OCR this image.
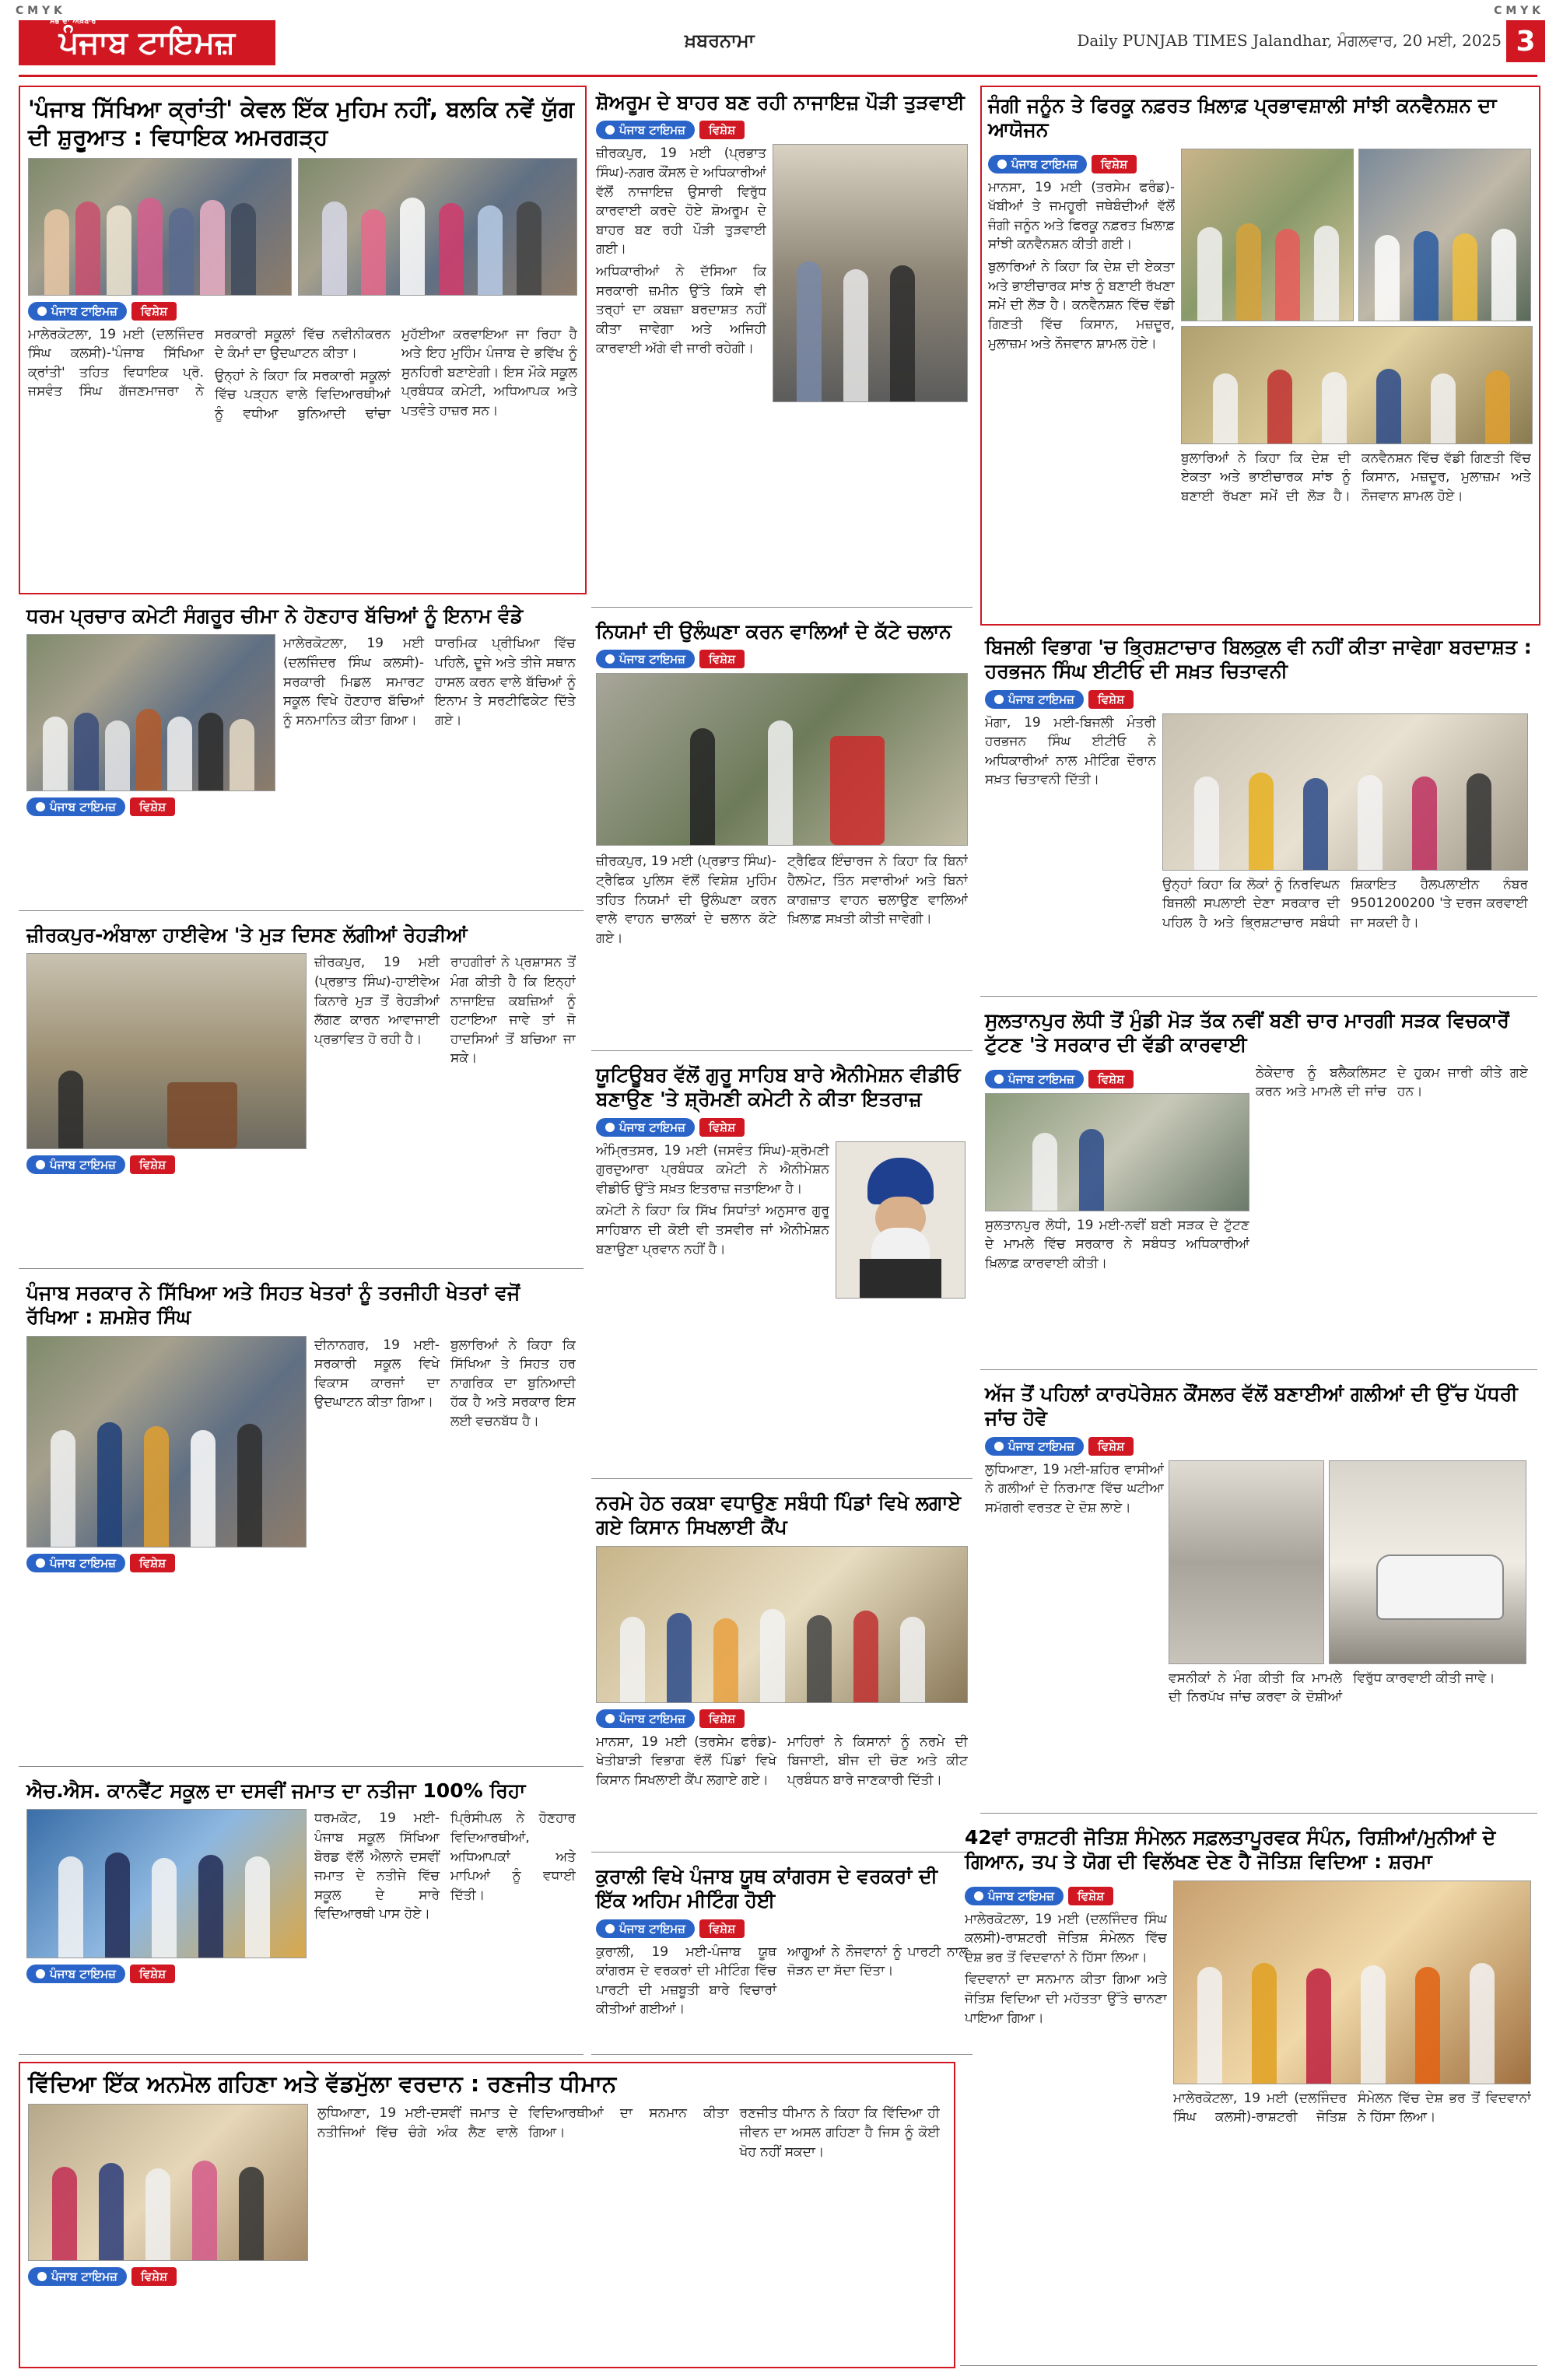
C M Y K	C M Y K
ਸਭ ਦਾ ਅਖ਼ਬਾਰ
ਪੰਜਾਬ ਟਾਇਮਜ਼	ਖ਼ਬਰਨਾਮਾ	Daily PUNJAB TIMES Jalandhar, ਮੰਗਲਵਾਰ, 20 ਮਈ, 2025 3
'ਪੰਜਾਬ ਸਿੱਖਿਆ ਕ੍ਰਾਂਤੀ' ਕੇਵਲ ਇੱਕ ਮੁਹਿਮ ਨਹੀਂ, ਬਲਕਿ ਨਵੇਂ ਯੁੱਗ ਦੀ ਸ਼ੁਰੂਆਤ : ਵਿਧਾਇਕ ਅਮਰਗੜ੍ਹ
ਪੰਜਾਬ ਟਾਇਮਜ਼	ਵਿਸ਼ੇਸ਼

ਮਾਲੇਰਕੋਟਲਾ, 19 ਮਈ (ਦਲਜਿੰਦਰ ਸਿੰਘ ਕਲਸੀ)-'ਪੰਜਾਬ ਸਿੱਖਿਆ ਕ੍ਰਾਂਤੀ' ਤਹਿਤ ਵਿਧਾਇਕ ਪ੍ਰੋ. ਜਸਵੰਤ ਸਿੰਘ ਗੱਜਣਮਾਜਰਾ ਨੇ ਸਰਕਾਰੀ ਸਕੂਲਾਂ ਵਿੱਚ ਨਵੀਨੀਕਰਨ ਦੇ ਕੰਮਾਂ ਦਾ ਉਦਘਾਟਨ ਕੀਤਾ।

ਉਨ੍ਹਾਂ ਨੇ ਕਿਹਾ ਕਿ ਸਰਕਾਰੀ ਸਕੂਲਾਂ ਵਿੱਚ ਪੜ੍ਹਨ ਵਾਲੇ ਵਿਦਿਆਰਥੀਆਂ ਨੂੰ ਵਧੀਆ ਬੁਨਿਆਦੀ ਢਾਂਚਾ ਮੁਹੱਈਆ ਕਰਵਾਇਆ ਜਾ ਰਿਹਾ ਹੈ ਅਤੇ ਇਹ ਮੁਹਿੰਮ ਪੰਜਾਬ ਦੇ ਭਵਿੱਖ ਨੂੰ ਸੁਨਹਿਰੀ ਬਣਾਏਗੀ। ਇਸ ਮੌਕੇ ਸਕੂਲ ਪ੍ਰਬੰਧਕ ਕਮੇਟੀ, ਅਧਿਆਪਕ ਅਤੇ ਪਤਵੰਤੇ ਹਾਜ਼ਰ ਸਨ।

ਧਰਮ ਪ੍ਰਚਾਰ ਕਮੇਟੀ ਸੰਗਰੂਰ ਚੀਮਾ ਨੇ ਹੋਣਹਾਰ ਬੱਚਿਆਂ ਨੂੰ ਇਨਾਮ ਵੰਡੇ
ਪੰਜਾਬ ਟਾਇਮਜ਼	ਵਿਸ਼ੇਸ਼

ਮਾਲੇਰਕੋਟਲਾ, 19 ਮਈ (ਦਲਜਿੰਦਰ ਸਿੰਘ ਕਲਸੀ)-ਸਰਕਾਰੀ ਮਿਡਲ ਸਮਾਰਟ ਸਕੂਲ ਵਿਖੇ ਹੋਣਹਾਰ ਬੱਚਿਆਂ ਨੂੰ ਸਨਮਾਨਿਤ ਕੀਤਾ ਗਿਆ।

ਧਾਰਮਿਕ ਪ੍ਰੀਖਿਆ ਵਿੱਚ ਪਹਿਲੇ, ਦੂਜੇ ਅਤੇ ਤੀਜੇ ਸਥਾਨ ਹਾਸਲ ਕਰਨ ਵਾਲੇ ਬੱਚਿਆਂ ਨੂੰ ਇਨਾਮ ਤੇ ਸਰਟੀਫਿਕੇਟ ਦਿੱਤੇ ਗਏ।

ਜ਼ੀਰਕਪੁਰ-ਅੰਬਾਲਾ ਹਾਈਵੇਅ 'ਤੇ ਮੁੜ ਦਿਸਣ ਲੱਗੀਆਂ ਰੇਹੜੀਆਂ
ਪੰਜਾਬ ਟਾਇਮਜ਼	ਵਿਸ਼ੇਸ਼

ਜ਼ੀਰਕਪੁਰ, 19 ਮਈ (ਪ੍ਰਭਾਤ ਸਿੰਘ)-ਹਾਈਵੇਅ ਕਿਨਾਰੇ ਮੁੜ ਤੋਂ ਰੇਹੜੀਆਂ ਲੱਗਣ ਕਾਰਨ ਆਵਾਜਾਈ ਪ੍ਰਭਾਵਿਤ ਹੋ ਰਹੀ ਹੈ।

ਰਾਹਗੀਰਾਂ ਨੇ ਪ੍ਰਸ਼ਾਸਨ ਤੋਂ ਮੰਗ ਕੀਤੀ ਹੈ ਕਿ ਇਨ੍ਹਾਂ ਨਾਜਾਇਜ਼ ਕਬਜ਼ਿਆਂ ਨੂੰ ਹਟਾਇਆ ਜਾਵੇ ਤਾਂ ਜੋ ਹਾਦਸਿਆਂ ਤੋਂ ਬਚਿਆ ਜਾ ਸਕੇ।

ਪੰਜਾਬ ਸਰਕਾਰ ਨੇ ਸਿੱਖਿਆ ਅਤੇ ਸਿਹਤ ਖੇਤਰਾਂ ਨੂੰ ਤਰਜੀਹੀ ਖੇਤਰਾਂ ਵਜੋਂ ਰੱਖਿਆ : ਸ਼ਮਸ਼ੇਰ ਸਿੰਘ
ਪੰਜਾਬ ਟਾਇਮਜ਼	ਵਿਸ਼ੇਸ਼

ਦੀਨਾਨਗਰ, 19 ਮਈ-ਸਰਕਾਰੀ ਸਕੂਲ ਵਿਖੇ ਵਿਕਾਸ ਕਾਰਜਾਂ ਦਾ ਉਦਘਾਟਨ ਕੀਤਾ ਗਿਆ।

ਬੁਲਾਰਿਆਂ ਨੇ ਕਿਹਾ ਕਿ ਸਿੱਖਿਆ ਤੇ ਸਿਹਤ ਹਰ ਨਾਗਰਿਕ ਦਾ ਬੁਨਿਆਦੀ ਹੱਕ ਹੈ ਅਤੇ ਸਰਕਾਰ ਇਸ ਲਈ ਵਚਨਬੱਧ ਹੈ।

ਐਚ.ਐਸ. ਕਾਨਵੈਂਟ ਸਕੂਲ ਦਾ ਦਸਵੀਂ ਜਮਾਤ ਦਾ ਨਤੀਜਾ 100% ਰਿਹਾ
ਪੰਜਾਬ ਟਾਇਮਜ਼	ਵਿਸ਼ੇਸ਼

ਧਰਮਕੋਟ, 19 ਮਈ-ਪੰਜਾਬ ਸਕੂਲ ਸਿੱਖਿਆ ਬੋਰਡ ਵੱਲੋਂ ਐਲਾਨੇ ਦਸਵੀਂ ਜਮਾਤ ਦੇ ਨਤੀਜੇ ਵਿੱਚ ਸਕੂਲ ਦੇ ਸਾਰੇ ਵਿਦਿਆਰਥੀ ਪਾਸ ਹੋਏ।

ਪ੍ਰਿੰਸੀਪਲ ਨੇ ਹੋਣਹਾਰ ਵਿਦਿਆਰਥੀਆਂ, ਅਧਿਆਪਕਾਂ ਅਤੇ ਮਾਪਿਆਂ ਨੂੰ ਵਧਾਈ ਦਿੱਤੀ।

ਵਿੱਦਿਆ ਇੱਕ ਅਨਮੋਲ ਗਹਿਣਾ ਅਤੇ ਵੱਡਮੁੱਲਾ ਵਰਦਾਨ : ਰਣਜੀਤ ਧੀਮਾਨ
ਪੰਜਾਬ ਟਾਇਮਜ਼	ਵਿਸ਼ੇਸ਼

ਲੁਧਿਆਣਾ, 19 ਮਈ-ਦਸਵੀਂ ਜਮਾਤ ਦੇ ਨਤੀਜਿਆਂ ਵਿੱਚ ਚੰਗੇ ਅੰਕ ਲੈਣ ਵਾਲੇ ਵਿਦਿਆਰਥੀਆਂ ਦਾ ਸਨਮਾਨ ਕੀਤਾ ਗਿਆ।

ਰਣਜੀਤ ਧੀਮਾਨ ਨੇ ਕਿਹਾ ਕਿ ਵਿੱਦਿਆ ਹੀ ਜੀਵਨ ਦਾ ਅਸਲ ਗਹਿਣਾ ਹੈ ਜਿਸ ਨੂੰ ਕੋਈ ਖੋਹ ਨਹੀਂ ਸਕਦਾ।

ਸ਼ੋਅਰੂਮ ਦੇ ਬਾਹਰ ਬਣ ਰਹੀ ਨਾਜਾਇਜ਼ ਪੌੜੀ ਤੁੜਵਾਈ
ਪੰਜਾਬ ਟਾਇਮਜ਼	ਵਿਸ਼ੇਸ਼

ਜ਼ੀਰਕਪੁਰ, 19 ਮਈ (ਪ੍ਰਭਾਤ ਸਿੰਘ)-ਨਗਰ ਕੌਂਸਲ ਦੇ ਅਧਿਕਾਰੀਆਂ ਵੱਲੋਂ ਨਾਜਾਇਜ਼ ਉਸਾਰੀ ਵਿਰੁੱਧ ਕਾਰਵਾਈ ਕਰਦੇ ਹੋਏ ਸ਼ੋਅਰੂਮ ਦੇ ਬਾਹਰ ਬਣ ਰਹੀ ਪੌੜੀ ਤੁੜਵਾਈ ਗਈ।

ਅਧਿਕਾਰੀਆਂ ਨੇ ਦੱਸਿਆ ਕਿ ਸਰਕਾਰੀ ਜ਼ਮੀਨ ਉੱਤੇ ਕਿਸੇ ਵੀ ਤਰ੍ਹਾਂ ਦਾ ਕਬਜ਼ਾ ਬਰਦਾਸ਼ਤ ਨਹੀਂ ਕੀਤਾ ਜਾਵੇਗਾ ਅਤੇ ਅਜਿਹੀ ਕਾਰਵਾਈ ਅੱਗੇ ਵੀ ਜਾਰੀ ਰਹੇਗੀ।

ਨਿਯਮਾਂ ਦੀ ਉਲੰਘਣਾ ਕਰਨ ਵਾਲਿਆਂ ਦੇ ਕੱਟੇ ਚਲਾਨ
ਪੰਜਾਬ ਟਾਇਮਜ਼	ਵਿਸ਼ੇਸ਼

ਜ਼ੀਰਕਪੁਰ, 19 ਮਈ (ਪ੍ਰਭਾਤ ਸਿੰਘ)-ਟ੍ਰੈਫਿਕ ਪੁਲਿਸ ਵੱਲੋਂ ਵਿਸ਼ੇਸ਼ ਮੁਹਿੰਮ ਤਹਿਤ ਨਿਯਮਾਂ ਦੀ ਉਲੰਘਣਾ ਕਰਨ ਵਾਲੇ ਵਾਹਨ ਚਾਲਕਾਂ ਦੇ ਚਲਾਨ ਕੱਟੇ ਗਏ।

ਟ੍ਰੈਫਿਕ ਇੰਚਾਰਜ ਨੇ ਕਿਹਾ ਕਿ ਬਿਨਾਂ ਹੈਲਮੇਟ, ਤਿੰਨ ਸਵਾਰੀਆਂ ਅਤੇ ਬਿਨਾਂ ਕਾਗਜ਼ਾਤ ਵਾਹਨ ਚਲਾਉਣ ਵਾਲਿਆਂ ਖ਼ਿਲਾਫ਼ ਸਖ਼ਤੀ ਕੀਤੀ ਜਾਵੇਗੀ।

ਯੂਟਿਊਬਰ ਵੱਲੋਂ ਗੁਰੂ ਸਾਹਿਬ ਬਾਰੇ ਐਨੀਮੇਸ਼ਨ ਵੀਡੀਓ ਬਣਾਉਣ 'ਤੇ ਸ਼੍ਰੋਮਣੀ ਕਮੇਟੀ ਨੇ ਕੀਤਾ ਇਤਰਾਜ਼
ਪੰਜਾਬ ਟਾਇਮਜ਼	ਵਿਸ਼ੇਸ਼

ਅੰਮ੍ਰਿਤਸਰ, 19 ਮਈ (ਜਸਵੰਤ ਸਿੰਘ)-ਸ਼੍ਰੋਮਣੀ ਗੁਰਦੁਆਰਾ ਪ੍ਰਬੰਧਕ ਕਮੇਟੀ ਨੇ ਐਨੀਮੇਸ਼ਨ ਵੀਡੀਓ ਉੱਤੇ ਸਖ਼ਤ ਇਤਰਾਜ਼ ਜਤਾਇਆ ਹੈ।

ਕਮੇਟੀ ਨੇ ਕਿਹਾ ਕਿ ਸਿੱਖ ਸਿਧਾਂਤਾਂ ਅਨੁਸਾਰ ਗੁਰੂ ਸਾਹਿਬਾਨ ਦੀ ਕੋਈ ਵੀ ਤਸਵੀਰ ਜਾਂ ਐਨੀਮੇਸ਼ਨ ਬਣਾਉਣਾ ਪ੍ਰਵਾਨ ਨਹੀਂ ਹੈ।

ਨਰਮੇ ਹੇਠ ਰਕਬਾ ਵਧਾਉਣ ਸਬੰਧੀ ਪਿੰਡਾਂ ਵਿਖੇ ਲਗਾਏ ਗਏ ਕਿਸਾਨ ਸਿਖਲਾਈ ਕੈਂਪ
ਪੰਜਾਬ ਟਾਇਮਜ਼	ਵਿਸ਼ੇਸ਼

ਮਾਨਸਾ, 19 ਮਈ (ਤਰਸੇਮ ਫਰੰਡ)-ਖੇਤੀਬਾੜੀ ਵਿਭਾਗ ਵੱਲੋਂ ਪਿੰਡਾਂ ਵਿਖੇ ਕਿਸਾਨ ਸਿਖਲਾਈ ਕੈਂਪ ਲਗਾਏ ਗਏ।

ਮਾਹਿਰਾਂ ਨੇ ਕਿਸਾਨਾਂ ਨੂੰ ਨਰਮੇ ਦੀ ਬਿਜਾਈ, ਬੀਜ ਦੀ ਚੋਣ ਅਤੇ ਕੀਟ ਪ੍ਰਬੰਧਨ ਬਾਰੇ ਜਾਣਕਾਰੀ ਦਿੱਤੀ।

ਕੁਰਾਲੀ ਵਿਖੇ ਪੰਜਾਬ ਯੂਥ ਕਾਂਗਰਸ ਦੇ ਵਰਕਰਾਂ ਦੀ ਇੱਕ ਅਹਿਮ ਮੀਟਿੰਗ ਹੋਈ
ਪੰਜਾਬ ਟਾਇਮਜ਼	ਵਿਸ਼ੇਸ਼

ਕੁਰਾਲੀ, 19 ਮਈ-ਪੰਜਾਬ ਯੂਥ ਕਾਂਗਰਸ ਦੇ ਵਰਕਰਾਂ ਦੀ ਮੀਟਿੰਗ ਵਿੱਚ ਪਾਰਟੀ ਦੀ ਮਜ਼ਬੂਤੀ ਬਾਰੇ ਵਿਚਾਰਾਂ ਕੀਤੀਆਂ ਗਈਆਂ।

ਆਗੂਆਂ ਨੇ ਨੌਜਵਾਨਾਂ ਨੂੰ ਪਾਰਟੀ ਨਾਲ ਜੋੜਨ ਦਾ ਸੱਦਾ ਦਿੱਤਾ।

ਜੰਗੀ ਜਨੂੰਨ ਤੇ ਫਿਰਕੂ ਨਫ਼ਰਤ ਖ਼ਿਲਾਫ਼ ਪ੍ਰਭਾਵਸ਼ਾਲੀ ਸਾਂਝੀ ਕਨਵੈਨਸ਼ਨ ਦਾ ਆਯੋਜਨ
ਪੰਜਾਬ ਟਾਇਮਜ਼	ਵਿਸ਼ੇਸ਼

ਮਾਨਸਾ, 19 ਮਈ (ਤਰਸੇਮ ਫਰੰਡ)-ਖੱਬੀਆਂ ਤੇ ਜਮਹੂਰੀ ਜਥੇਬੰਦੀਆਂ ਵੱਲੋਂ ਜੰਗੀ ਜਨੂੰਨ ਅਤੇ ਫਿਰਕੂ ਨਫ਼ਰਤ ਖ਼ਿਲਾਫ਼ ਸਾਂਝੀ ਕਨਵੈਨਸ਼ਨ ਕੀਤੀ ਗਈ।

ਬੁਲਾਰਿਆਂ ਨੇ ਕਿਹਾ ਕਿ ਦੇਸ਼ ਦੀ ਏਕਤਾ ਅਤੇ ਭਾਈਚਾਰਕ ਸਾਂਝ ਨੂੰ ਬਣਾਈ ਰੱਖਣਾ ਸਮੇਂ ਦੀ ਲੋੜ ਹੈ। ਕਨਵੈਨਸ਼ਨ ਵਿੱਚ ਵੱਡੀ ਗਿਣਤੀ ਵਿੱਚ ਕਿਸਾਨ, ਮਜ਼ਦੂਰ, ਮੁਲਾਜ਼ਮ ਅਤੇ ਨੌਜਵਾਨ ਸ਼ਾਮਲ ਹੋਏ।

ਬੁਲਾਰਿਆਂ ਨੇ ਕਿਹਾ ਕਿ ਦੇਸ਼ ਦੀ ਏਕਤਾ ਅਤੇ ਭਾਈਚਾਰਕ ਸਾਂਝ ਨੂੰ ਬਣਾਈ ਰੱਖਣਾ ਸਮੇਂ ਦੀ ਲੋੜ ਹੈ। ਕਨਵੈਨਸ਼ਨ ਵਿੱਚ ਵੱਡੀ ਗਿਣਤੀ ਵਿੱਚ ਕਿਸਾਨ, ਮਜ਼ਦੂਰ, ਮੁਲਾਜ਼ਮ ਅਤੇ ਨੌਜਵਾਨ ਸ਼ਾਮਲ ਹੋਏ।

ਬਿਜਲੀ ਵਿਭਾਗ 'ਚ ਭ੍ਰਿਸ਼ਟਾਚਾਰ ਬਿਲਕੁਲ ਵੀ ਨਹੀਂ ਕੀਤਾ ਜਾਵੇਗਾ ਬਰਦਾਸ਼ਤ : ਹਰਭਜਨ ਸਿੰਘ ਈਟੀਓ ਦੀ ਸਖ਼ਤ ਚਿਤਾਵਨੀ
ਪੰਜਾਬ ਟਾਇਮਜ਼	ਵਿਸ਼ੇਸ਼

ਮੋਗਾ, 19 ਮਈ-ਬਿਜਲੀ ਮੰਤਰੀ ਹਰਭਜਨ ਸਿੰਘ ਈਟੀਓ ਨੇ ਅਧਿਕਾਰੀਆਂ ਨਾਲ ਮੀਟਿੰਗ ਦੌਰਾਨ ਸਖ਼ਤ ਚਿਤਾਵਨੀ ਦਿੱਤੀ।

ਉਨ੍ਹਾਂ ਕਿਹਾ ਕਿ ਲੋਕਾਂ ਨੂੰ ਨਿਰਵਿਘਨ ਬਿਜਲੀ ਸਪਲਾਈ ਦੇਣਾ ਸਰਕਾਰ ਦੀ ਪਹਿਲ ਹੈ ਅਤੇ ਭ੍ਰਿਸ਼ਟਾਚਾਰ ਸਬੰਧੀ ਸ਼ਿਕਾਇਤ ਹੈਲਪਲਾਈਨ ਨੰਬਰ 9501200200 'ਤੇ ਦਰਜ ਕਰਵਾਈ ਜਾ ਸਕਦੀ ਹੈ।

ਸੁਲਤਾਨਪੁਰ ਲੋਧੀ ਤੋਂ ਮੁੰਡੀ ਮੋੜ ਤੱਕ ਨਵੀਂ ਬਣੀ ਚਾਰ ਮਾਰਗੀ ਸੜਕ ਵਿਚਕਾਰੋਂ ਟੁੱਟਣ 'ਤੇ ਸਰਕਾਰ ਦੀ ਵੱਡੀ ਕਾਰਵਾਈ
ਪੰਜਾਬ ਟਾਇਮਜ਼	ਵਿਸ਼ੇਸ਼

ਸੁਲਤਾਨਪੁਰ ਲੋਧੀ, 19 ਮਈ-ਨਵੀਂ ਬਣੀ ਸੜਕ ਦੇ ਟੁੱਟਣ ਦੇ ਮਾਮਲੇ ਵਿੱਚ ਸਰਕਾਰ ਨੇ ਸਬੰਧਤ ਅਧਿਕਾਰੀਆਂ ਖ਼ਿਲਾਫ਼ ਕਾਰਵਾਈ ਕੀਤੀ।

ਠੇਕੇਦਾਰ ਨੂੰ ਬਲੈਕਲਿਸਟ ਕਰਨ ਅਤੇ ਮਾਮਲੇ ਦੀ ਜਾਂਚ ਦੇ ਹੁਕਮ ਜਾਰੀ ਕੀਤੇ ਗਏ ਹਨ।

ਅੱਜ ਤੋਂ ਪਹਿਲਾਂ ਕਾਰਪੋਰੇਸ਼ਨ ਕੌਂਸਲਰ ਵੱਲੋਂ ਬਣਾਈਆਂ ਗਲੀਆਂ ਦੀ ਉੱਚ ਪੱਧਰੀ ਜਾਂਚ ਹੋਵੇ
ਪੰਜਾਬ ਟਾਇਮਜ਼	ਵਿਸ਼ੇਸ਼

ਲੁਧਿਆਣਾ, 19 ਮਈ-ਸ਼ਹਿਰ ਵਾਸੀਆਂ ਨੇ ਗਲੀਆਂ ਦੇ ਨਿਰਮਾਣ ਵਿੱਚ ਘਟੀਆ ਸਮੱਗਰੀ ਵਰਤਣ ਦੇ ਦੋਸ਼ ਲਾਏ।

ਵਸਨੀਕਾਂ ਨੇ ਮੰਗ ਕੀਤੀ ਕਿ ਮਾਮਲੇ ਦੀ ਨਿਰਪੱਖ ਜਾਂਚ ਕਰਵਾ ਕੇ ਦੋਸ਼ੀਆਂ ਵਿਰੁੱਧ ਕਾਰਵਾਈ ਕੀਤੀ ਜਾਵੇ।

42ਵਾਂ ਰਾਸ਼ਟਰੀ ਜੋਤਿਸ਼ ਸੰਮੇਲਨ ਸਫ਼ਲਤਾਪੂਰਵਕ ਸੰਪੰਨ, ਰਿਸ਼ੀਆਂ/ਮੁਨੀਆਂ ਦੇ ਗਿਆਨ, ਤਪ ਤੇ ਯੋਗ ਦੀ ਵਿਲੱਖਣ ਦੇਣ ਹੈ ਜੋਤਿਸ਼ ਵਿਦਿਆ : ਸ਼ਰਮਾ
ਪੰਜਾਬ ਟਾਇਮਜ਼	ਵਿਸ਼ੇਸ਼

ਮਾਲੇਰਕੋਟਲਾ, 19 ਮਈ (ਦਲਜਿੰਦਰ ਸਿੰਘ ਕਲਸੀ)-ਰਾਸ਼ਟਰੀ ਜੋਤਿਸ਼ ਸੰਮੇਲਨ ਵਿੱਚ ਦੇਸ਼ ਭਰ ਤੋਂ ਵਿਦਵਾਨਾਂ ਨੇ ਹਿੱਸਾ ਲਿਆ।

ਵਿਦਵਾਨਾਂ ਦਾ ਸਨਮਾਨ ਕੀਤਾ ਗਿਆ ਅਤੇ ਜੋਤਿਸ਼ ਵਿਦਿਆ ਦੀ ਮਹੱਤਤਾ ਉੱਤੇ ਚਾਨਣਾ ਪਾਇਆ ਗਿਆ।

ਮਾਲੇਰਕੋਟਲਾ, 19 ਮਈ (ਦਲਜਿੰਦਰ ਸਿੰਘ ਕਲਸੀ)-ਰਾਸ਼ਟਰੀ ਜੋਤਿਸ਼ ਸੰਮੇਲਨ ਵਿੱਚ ਦੇਸ਼ ਭਰ ਤੋਂ ਵਿਦਵਾਨਾਂ ਨੇ ਹਿੱਸਾ ਲਿਆ।
